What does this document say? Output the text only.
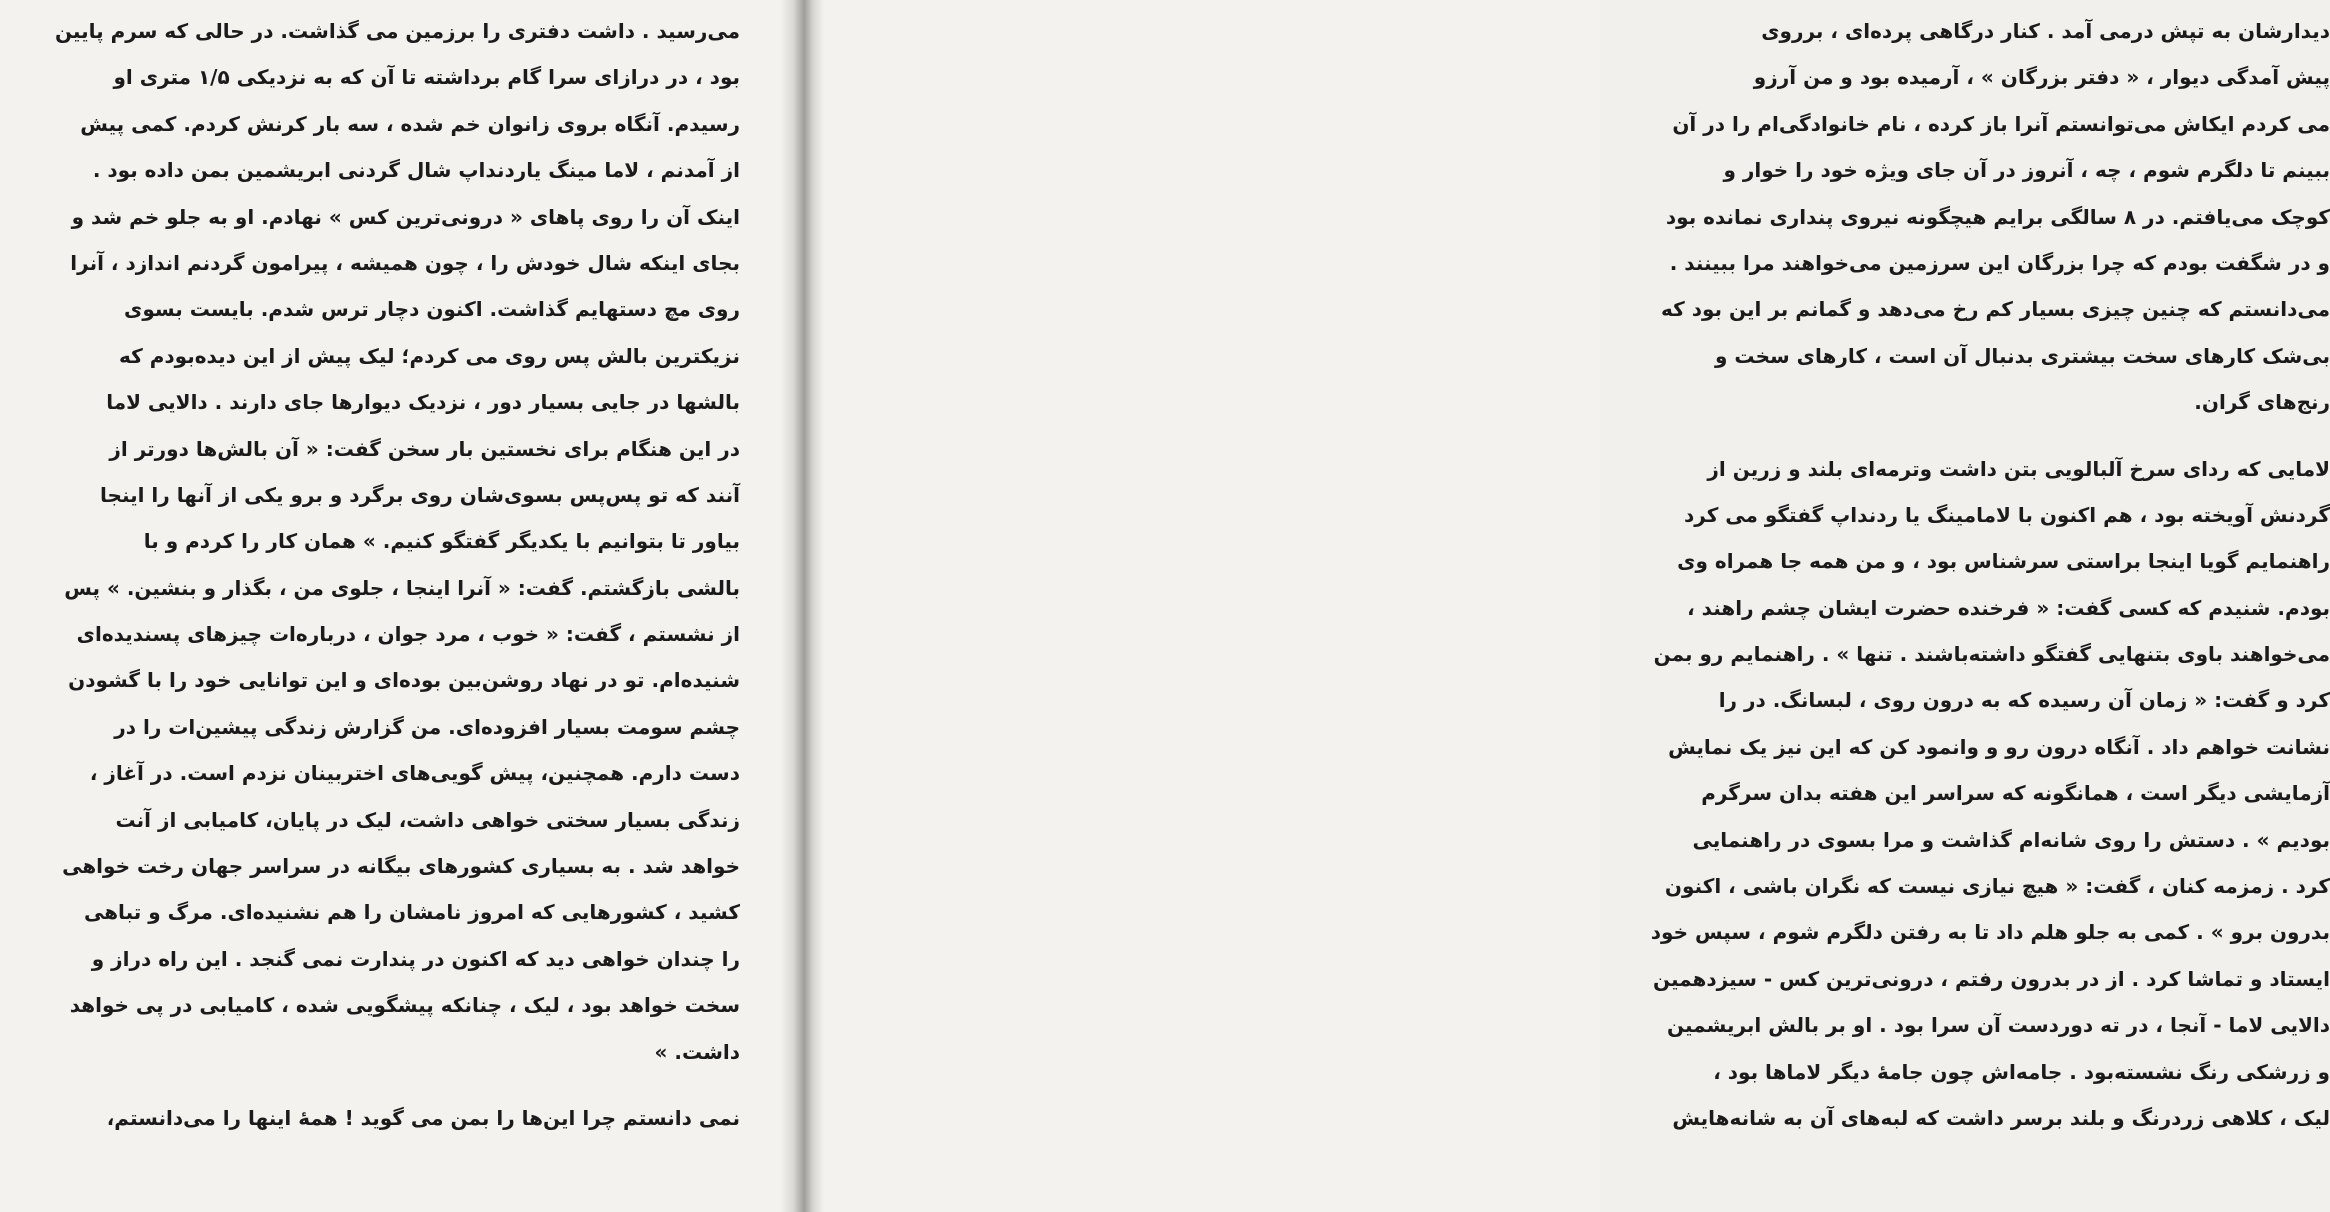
می‌رسید . داشت دفتری را برزمین می گذاشت. در حالی که سرم پایین
بود ، در درازای سرا گام برداشته تا آن که به نزدیکی ۱/۵ متری او
رسیدم. آنگاه بروی زانوان خم شده ، سه بار کرنش کردم. کمی پیش
از آمدنم ، لاما مینگ یاردنداپ شال گردنی ابریشمین بمن داده بود .
اینک آن را روی پاهای « درونی‌ترین کس » نهادم. او به جلو خم شد و
بجای اینکه شال خودش را ، چون همیشه ، پیرامون گردنم اندازد ، آنرا
روی مچ دستهایم گذاشت. اکنون دچار ترس شدم. بایست بسوی
نزیکترین بالش پس روی می کردم؛ لیک پیش از این دیده‌بودم که
بالشها در جایی بسیار دور ، نزدیک دیوارها جای دارند . دالایی لاما
در این هنگام برای نخستین بار سخن گفت: « آن بالش‌ها دورتر از
آنند که تو پس‌پس بسوی‌شان روی برگرد و برو یکی از آنها را اینجا
بیاور تا بتوانیم با یکدیگر گفتگو کنیم. » همان کار را کردم و با
بالشی بازگشتم. گفت: « آنرا اینجا ، جلوی من ، بگذار و بنشین. » پس
از نشستم ، گفت: « خوب ، مرد جوان ، درباره‌ات چیزهای پسندیده‌ای
شنیده‌ام. تو در نهاد روشن‌بین بوده‌ای و این توانایی خود را با گشودن
چشم سومت بسیار افزوده‌ای. من گزارش زندگی پیشین‌ات را در
دست دارم. همچنین، پیش گویی‌های اختربینان نزدم است. در آغاز ،
زندگی بسیار سختی خواهی داشت، لیک در پایان، کامیابی از آنت
خواهد شد . به بسیاری کشورهای بیگانه در سراسر جهان رخت خواهی
کشید ، کشورهایی که امروز نامشان را هم نشنیده‌ای. مرگ و تباهی
را چندان خواهی دید که اکنون در پندارت نمی گنجد . این راه دراز و
سخت خواهد بود ، لیک ، چنانکه پیشگویی شده ، کامیابی در پی خواهد
داشت. »
نمی دانستم چرا این‌ها را بمن می گوید ! همهٔ اینها را می‌دانستم،
دیدارشان به تپش درمی آمد . کنار درگاهی پرده‌ای ، برروی
پیش آمدگی دیوار ، « دفتر بزرگان » ، آرمیده بود و من آرزو
می کردم ایکاش می‌توانستم آنرا باز کرده ، نام خانوادگی‌ام را در آن
ببینم تا دلگرم شوم ، چه ، آنروز در آن جای ویژه خود را خوار و
کوچک می‌یافتم. در ۸ سالگی برایم هیچگونه نیروی پنداری نمانده بود
و در شگفت بودم که چرا بزرگان این سرزمین می‌خواهند مرا ببینند .
می‌دانستم که چنین چیزی بسیار کم رخ می‌دهد و گمانم بر این بود که
بی‌شک کارهای سخت بیشتری بدنبال آن است ، کارهای سخت و
رنج‌های گران.
لامایی که ردای سرخ آلبالویی بتن داشت وترمه‌ای بلند و زرین از
گردنش آویخته بود ، هم اکنون با لامامینگ یا ردنداپ گفتگو می کرد
راهنمایم گویا اینجا براستی سرشناس بود ، و من همه جا همراه وی
بودم. شنیدم که کسی گفت: « فرخنده حضرت ایشان چشم راهند ،
می‌خواهند باوی بتنهایی گفتگو داشته‌باشند . تنها » . راهنمایم رو بمن
کرد و گفت: « زمان آن رسیده که به درون روی ، لبسانگ. در را
نشانت خواهم داد . آنگاه درون رو و وانمود کن که این نیز یک نمایش
آزمایشی دیگر است ، همانگونه که سراسر این هفته بدان سرگرم
بودیم » . دستش را روی شانه‌ام گذاشت و مرا بسوی در راهنمایی
کرد . زمزمه کنان ، گفت: « هیچ نیازی نیست که نگران باشی ، اکنون
بدرون برو » . کمی به جلو هلم داد تا به رفتن دلگرم شوم ، سپس خود
ایستاد و تماشا کرد . از در بدرون رفتم ، درونی‌ترین کس - سیزدهمین
دالایی لاما - آنجا ، در ته دوردست آن سرا بود . او بر بالش ابریشمین
و زرشکی رنگ نشسته‌بود . جامه‌اش چون جامهٔ دیگر لاماها بود ،
لیک ، کلاهی زردرنگ و بلند برسر داشت که لبه‌های آن به شانه‌هایش
